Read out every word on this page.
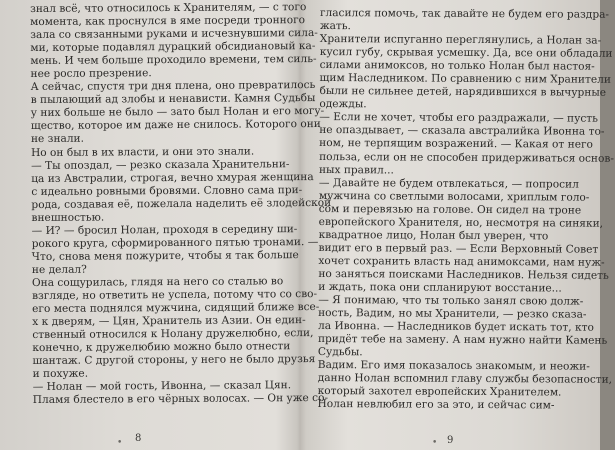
знал всё, что относилось к Хранителям, — с того
момента, как проснулся в яме посреди тронного
зала со связанными руками и исчезнувшими сила-
ми, которые подавлял дурацкий обсидиановый ка-
мень. И чем больше проходило времени, тем силь-
нее росло презрение.
А сейчас, спустя три дня плена, оно превратилось
в пылающий ад злобы и ненависти. Камня Судьбы
у них больше не было — зато был Нолан и его могу-
щество, которое им даже не снилось. Которого они
не знали.
Но он был в их власти, и они это знали.
— Ты опоздал, — резко сказала Хранительни-
ца из Австралии, строгая, вечно хмурая женщина
с идеально ровными бровями. Словно сама при-
рода, создавая её, пожелала наделить её злодейской
внешностью.
— И? — бросил Нолан, проходя в середину ши-
рокого круга, сформированного пятью тронами. —
Что, снова меня пожурите, чтобы я так больше
не делал?
Она сощурилась, глядя на него со сталью во
взгляде, но ответить не успела, потому что со сво-
его места поднялся мужчина, сидящий ближе все-
х к дверям, — Цян, Хранитель из Азии. Он един-
ственный относился к Нолану дружелюбно, если,
конечно, к дружелюбию можно было отнести
шантаж. С другой стороны, у него не было друзья
и похуже.
— Нолан — мой гость, Ивонна, — сказал Цян.
Пламя блестело в его чёрных волосах. — Он уже со-
• 8
гласился помочь, так давайте не будем его раздра-
жать.
Хранители испуганно переглянулись, а Нолан за-
кусил губу, скрывая усмешку. Да, все они обладали
силами анимоксов, но только Нолан был настоя-
щим Наследником. По сравнению с ним Хранители
были не сильнее детей, нарядившихся в вычурные
одежды.
— Если не хочет, чтобы его раздражали, — пусть
не опаздывает, — сказала австралийка Ивонна то-
ном, не терпящим возражений. — Какая от него
польза, если он не способен придерживаться основ-
ных правил...
— Давайте не будем отвлекаться, — попросил
мужчина со светлыми волосами, хриплым голо-
сом и перевязью на голове. Он сидел на троне
европейского Хранителя, но, несмотря на синяки,
квадратное лицо, Нолан был уверен, что
видит его в первый раз. — Если Верховный Совет
хочет сохранить власть над анимоксами, нам нуж-
но заняться поисками Наследников. Нельзя сидеть
и ждать, пока они спланируют восстание...
— Я понимаю, что ты только занял свою долж-
ность, Вадим, но мы Хранители, — резко сказа-
ла Ивонна. — Наследников будет искать тот, кто
придёт тебе на замену. А нам нужно найти Камень
Судьбы.
Вадим. Его имя показалось знакомым, и неожи-
данно Нолан вспомнил главу службы безопасности,
который захотел европейских Хранителем.
Нолан невлюбил его за это, и сейчас сим-
• 9
